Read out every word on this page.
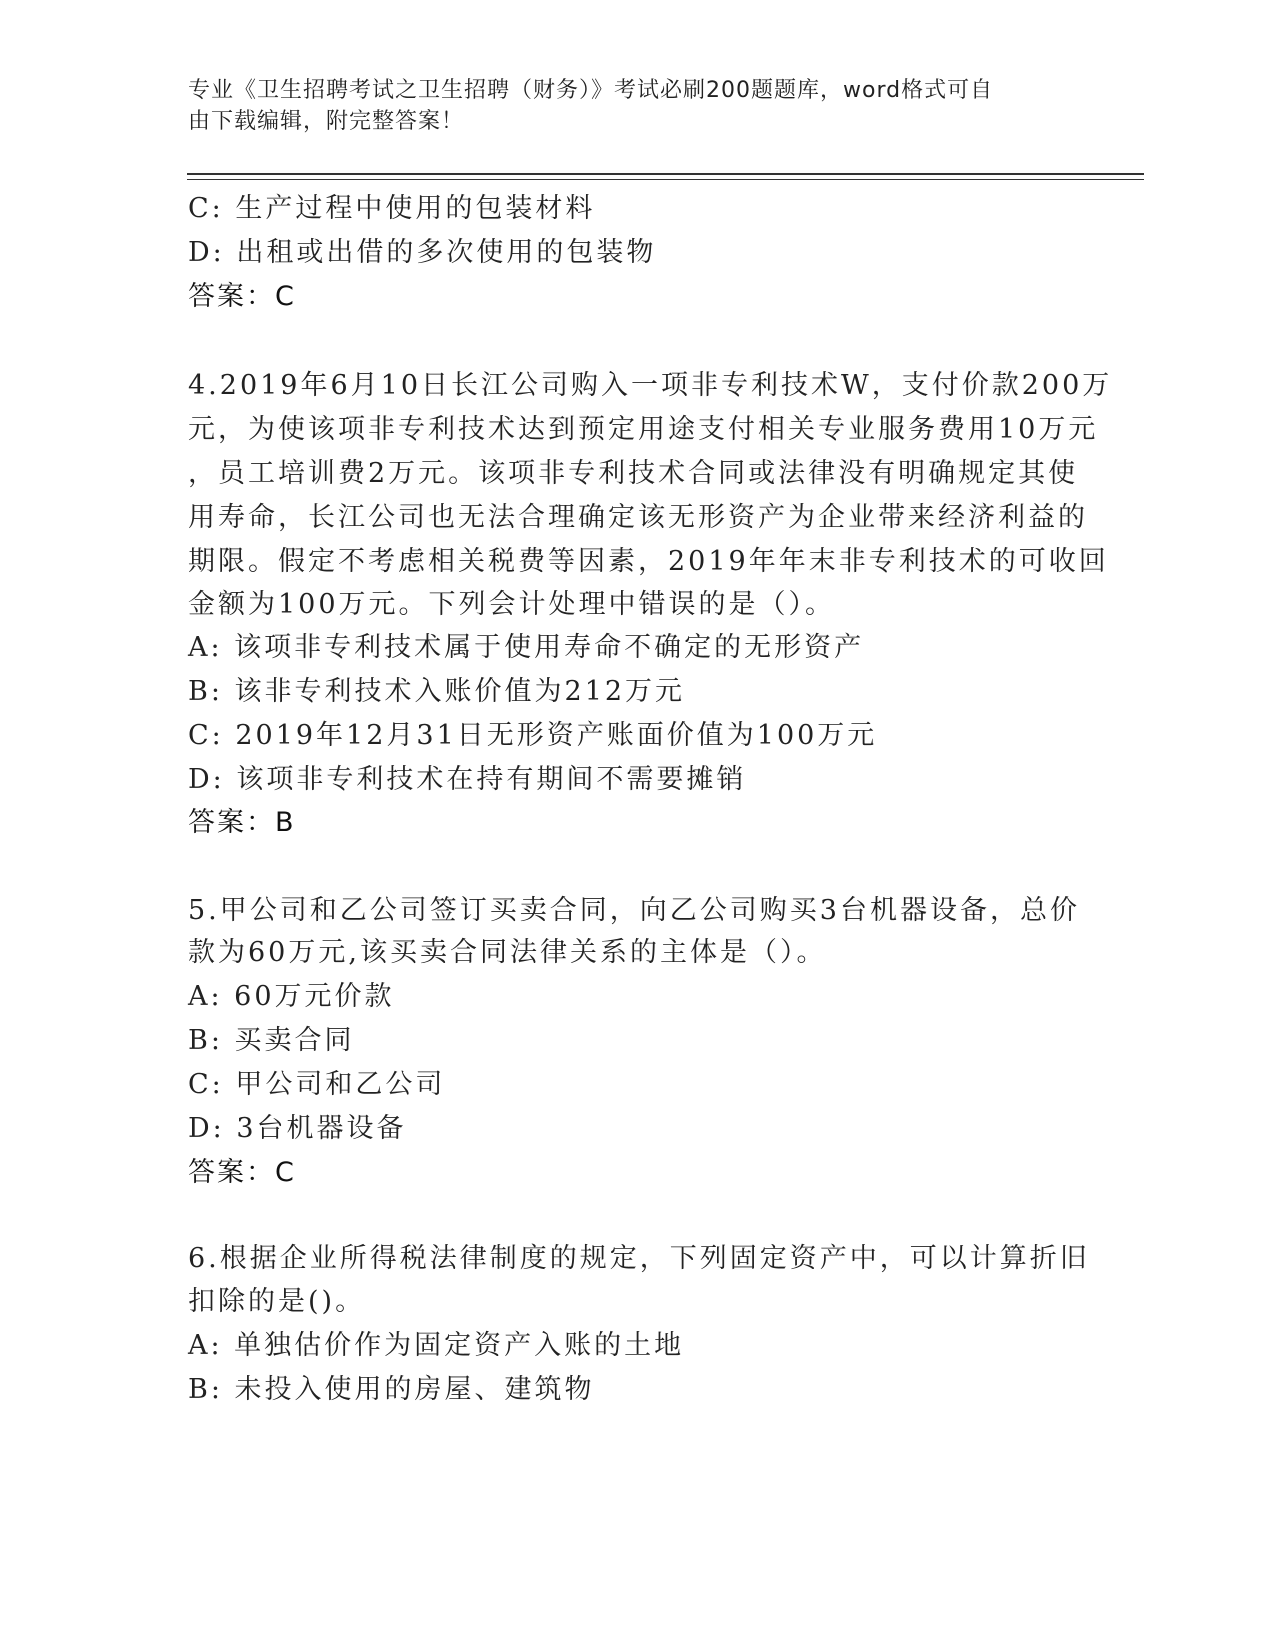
专业《卫生招聘考试之卫生招聘（财务）》考试必刷200题题库，word格式可自
由下载编辑，附完整答案！
C: 生产过程中使用的包装材料
D: 出租或出借的多次使用的包装物
答案：C
4.2019年6月10日长江公司购入一项非专利技术W，支付价款200万
元，为使该项非专利技术达到预定用途支付相关专业服务费用10万元
，员工培训费2万元。该项非专利技术合同或法律没有明确规定其使
用寿命，长江公司也无法合理确定该无形资产为企业带来经济利益的
期限。假定不考虑相关税费等因素，2019年年末非专利技术的可收回
金额为100万元。下列会计处理中错误的是（）。
A: 该项非专利技术属于使用寿命不确定的无形资产
B: 该非专利技术入账价值为212万元
C: 2019年12月31日无形资产账面价值为100万元
D: 该项非专利技术在持有期间不需要摊销
答案：B
5.甲公司和乙公司签订买卖合同，向乙公司购买3台机器设备，总价
款为60万元,该买卖合同法律关系的主体是（）。
A: 60万元价款
B: 买卖合同
C: 甲公司和乙公司
D: 3台机器设备
答案：C
6.根据企业所得税法律制度的规定，下列固定资产中，可以计算折旧
扣除的是()。
A: 单独估价作为固定资产入账的土地
B: 未投入使用的房屋、建筑物
